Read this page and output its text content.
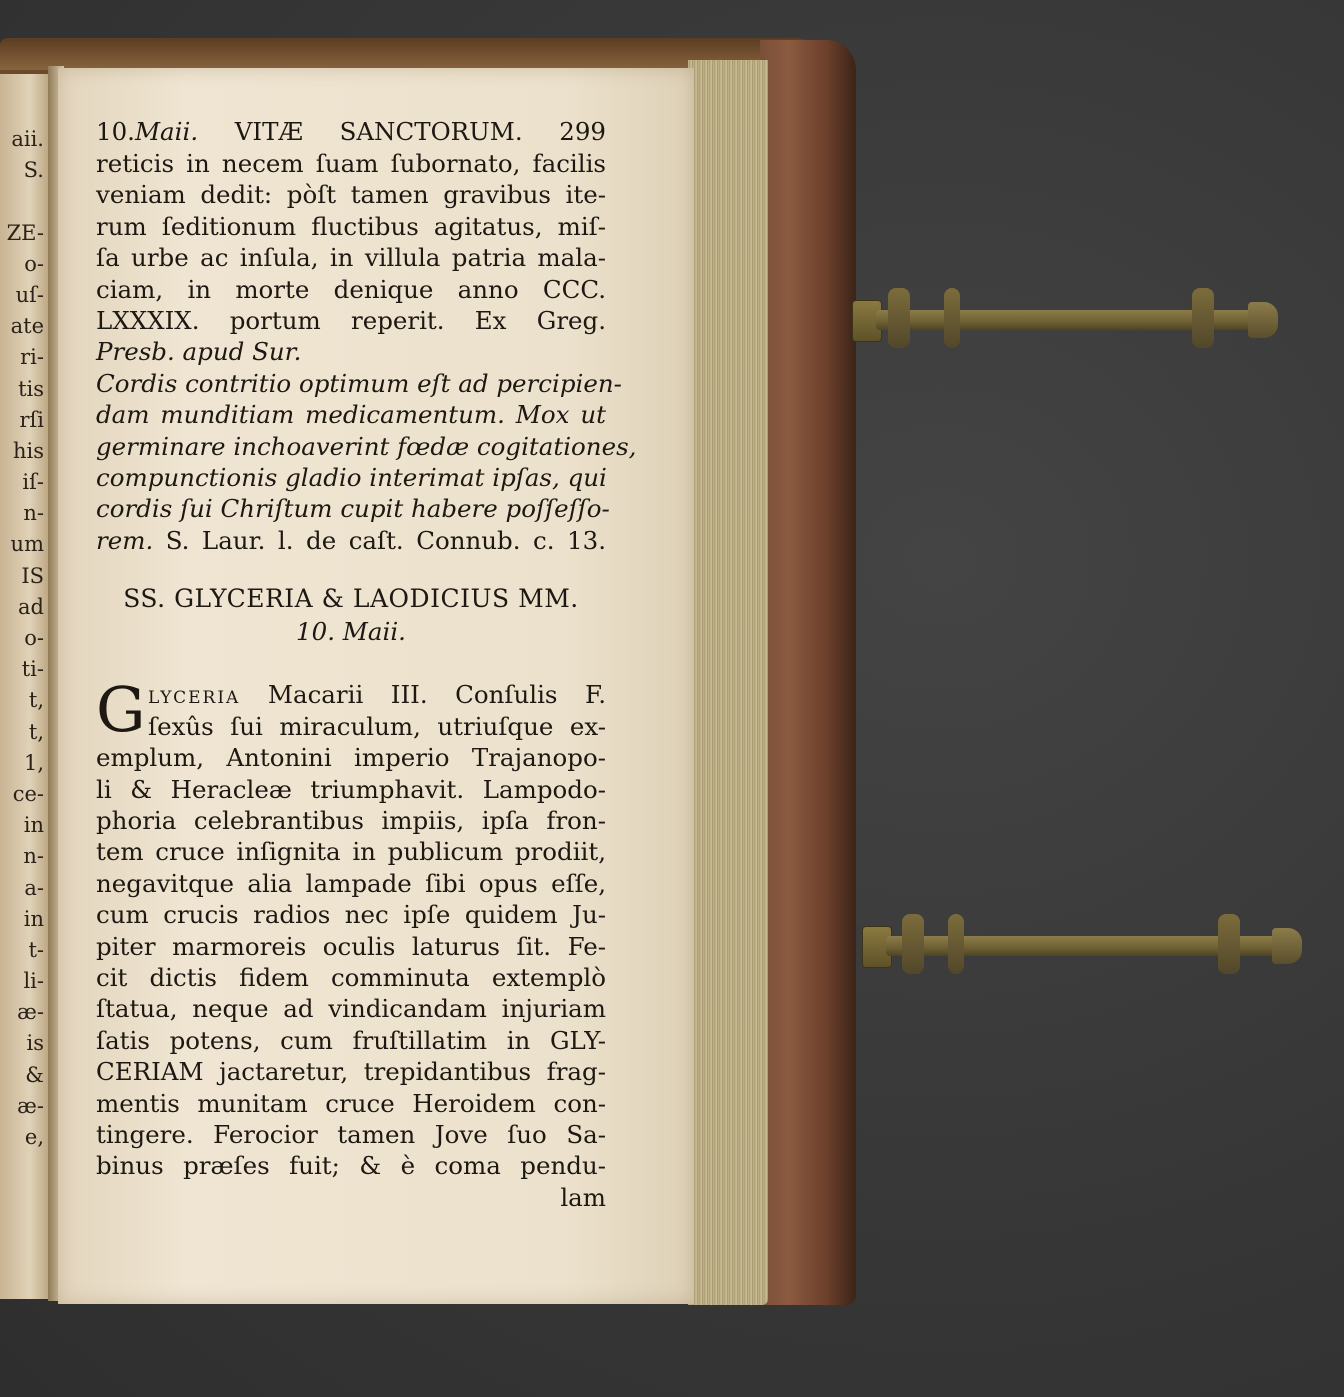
aii.
S.
ZE-
o-
uſ-
ate
ri-
tis
rſi
his
iſ-
n-
um
IS
ad
o-
ti-
t,
t,
1,
ce-
in
n-
a-
in
t-
li-
æ-
is
&
æ-
e,
10.Maii. VITÆ SANCTORUM. 299
reticis in necem ſuam ſubornato, facilis
veniam dedit: pòſt tamen gravibus ite-
rum ſeditionum fluctibus agitatus, miſ-
ſa urbe ac inſula, in villula patria mala-
ciam, in morte denique anno CCC.
LXXXIX. portum reperit. Ex Greg.
Presb. apud Sur.
Cordis contritio optimum eſt ad percipien-
dam munditiam medicamentum. Mox ut
germinare inchoaverint fœdæ cogitationes,
compunctionis gladio interimat ipſas, qui
cordis ſui Chriſtum cupit habere poſſeſſo-
rem. S. Laur. l. de caſt. Connub. c. 13.
SS. GLYCERIA & LAODICIUS MM.
10. Maii.
G LYCERIA Macarii III. Conſulis F.
ſexûs ſui miraculum, utriuſque ex-
emplum, Antonini imperio Trajanopo-
li & Heracleæ triumphavit. Lampodo-
phoria celebrantibus impiis, ipſa fron-
tem cruce inſignita in publicum prodiit,
negavitque alia lampade ſibi opus eſſe,
cum crucis radios nec ipſe quidem Ju-
piter marmoreis oculis laturus ſit. Fe-
cit dictis fidem comminuta extemplò
ſtatua, neque ad vindicandam injuriam
ſatis potens, cum fruſtillatim in GLY-
CERIAM jactaretur, trepidantibus frag-
mentis munitam cruce Heroidem con-
tingere. Ferocior tamen Jove ſuo Sa-
binus præſes fuit; & è coma pendu-
lam
